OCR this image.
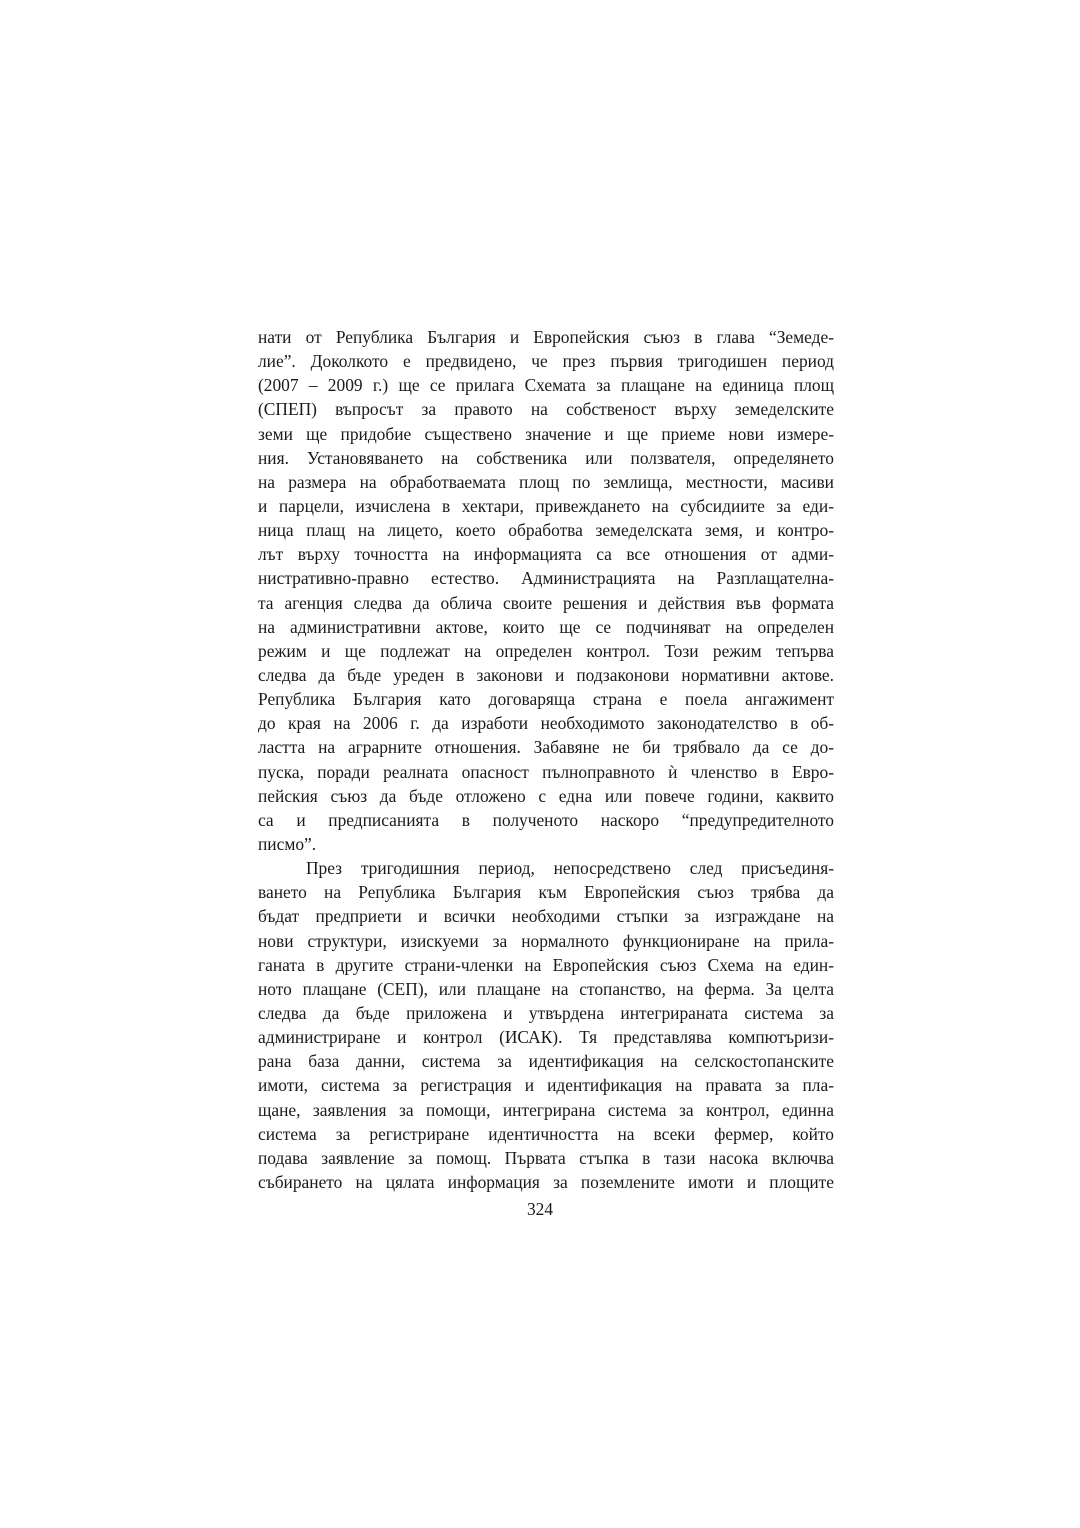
нати от Република България и Европейския съюз в глава “Земеде-
лие”. Доколкото е предвидено, че през първия тригодишен период
(2007 – 2009 г.) ще се прилага Схемата за плащане на единица площ
(СПЕП) въпросът за правото на собственост върху земеделските
земи ще придобие съществено значение и ще приеме нови измере-
ния. Установяването на собственика или ползвателя, определянето
на размера на обработваемата площ по землища, местности, масиви
и парцели, изчислена в хектари, привеждането на субсидиите за еди-
ница плащ на лицето, което обработва земеделската земя, и контро-
лът върху точността на информацията са все отношения от адми-
нистративно-правно естество. Администрацията на Разплащателна-
та агенция следва да облича своите решения и действия във формата
на административни актове, които ще се подчиняват на определен
режим и ще подлежат на определен контрол. Този режим тепърва
следва да бъде уреден в законови и подзаконови нормативни актове.
Република България като договаряща страна е поела ангажимент
до края на 2006 г. да изработи необходимото законодателство в об-
ластта на аграрните отношения. Забавяне не би трябвало да се до-
пуска, поради реалната опасност пълноправното ѝ членство в Евро-
пейския съюз да бъде отложено с една или повече години, каквито
са и предписанията в полученото наскоро “предупредителното
писмо”.
През тригодишния период, непосредствено след присъединя-
ването на Република България към Европейския съюз трябва да
бъдат предприети и всички необходими стъпки за изграждане на
нови структури, изискуеми за нормалното функциониране на прила-
ганата в другите страни-членки на Европейския съюз Схема на един-
ното плащане (СЕП), или плащане на стопанство, на ферма. За целта
следва да бъде приложена и утвърдена интегрираната система за
администриране и контрол (ИСАК). Тя представлява компютъризи-
рана база данни, система за идентификация на селскостопанските
имоти, система за регистрация и идентификация на правата за пла-
щане, заявления за помощи, интегрирана система за контрол, единна
система за регистриране идентичността на всеки фермер, който
подава заявление за помощ. Първата стъпка в тази насока включва
събирането на цялата информация за поземлените имоти и площите
324
